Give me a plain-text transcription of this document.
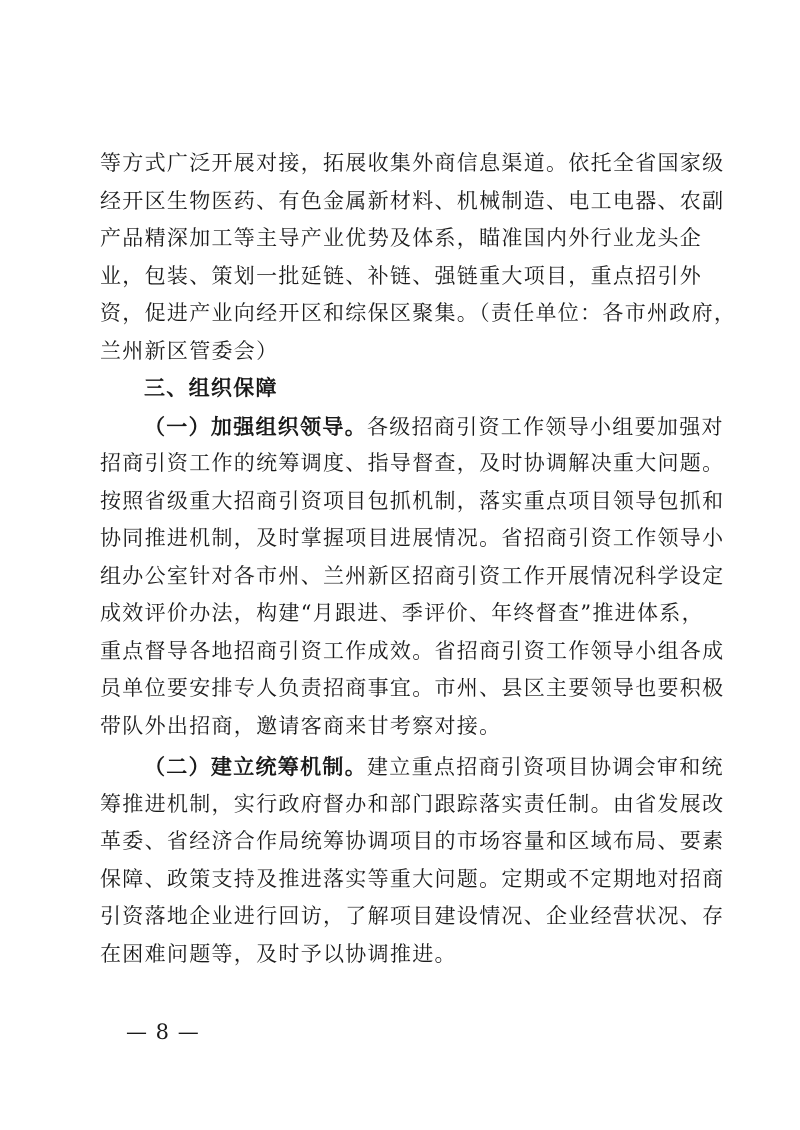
等方式广泛开展对接，拓展收集外商信息渠道。依托全省国家级
经开区生物医药、有色金属新材料、机械制造、电工电器、农副
产品精深加工等主导产业优势及体系，瞄准国内外行业龙头企
业，包装、策划一批延链、补链、强链重大项目，重点招引外
资，促进产业向经开区和综保区聚集。（责任单位：各市州政府，
兰州新区管委会）
三、组织保障
（一）加强组织领导。各级招商引资工作领导小组要加强对
招商引资工作的统筹调度、指导督查，及时协调解决重大问题。
按照省级重大招商引资项目包抓机制，落实重点项目领导包抓和
协同推进机制，及时掌握项目进展情况。省招商引资工作领导小
组办公室针对各市州、兰州新区招商引资工作开展情况科学设定
成效评价办法，构建“月跟进、季评价、年终督查”推进体系，
重点督导各地招商引资工作成效。省招商引资工作领导小组各成
员单位要安排专人负责招商事宜。市州、县区主要领导也要积极
带队外出招商，邀请客商来甘考察对接。
（二）建立统筹机制。建立重点招商引资项目协调会审和统
筹推进机制，实行政府督办和部门跟踪落实责任制。由省发展改
革委、省经济合作局统筹协调项目的市场容量和区域布局、要素
保障、政策支持及推进落实等重大问题。定期或不定期地对招商
引资落地企业进行回访，了解项目建设情况、企业经营状况、存
在困难问题等，及时予以协调推进。
— 8 —
